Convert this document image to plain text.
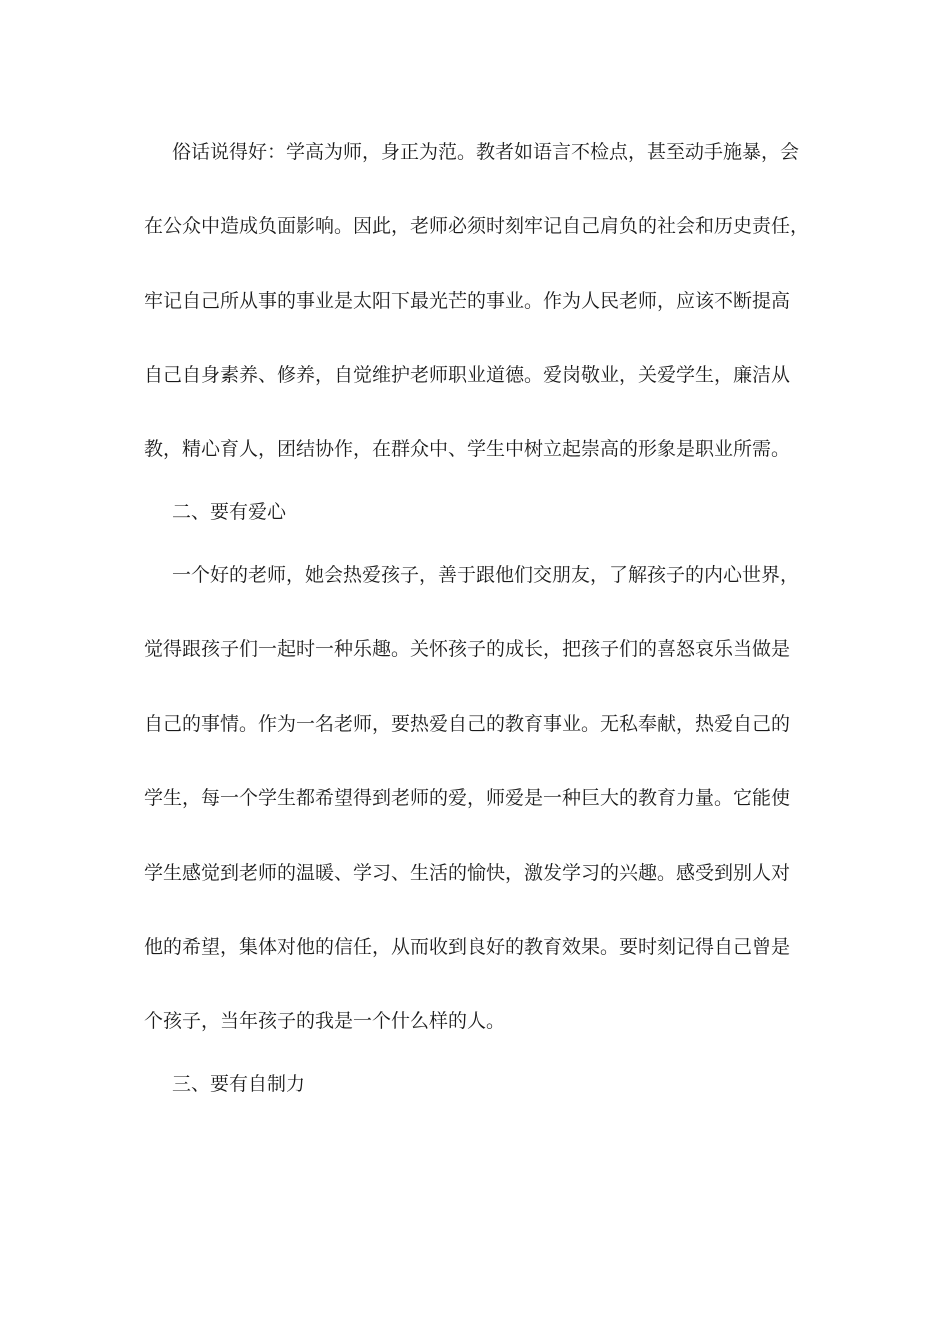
俗话说得好：学高为师，身正为范。教者如语言不检点，甚至动手施暴，会
在公众中造成负面影响。因此，老师必须时刻牢记自己肩负的社会和历史责任，
牢记自己所从事的事业是太阳下最光芒的事业。作为人民老师，应该不断提高
自己自身素养、修养，自觉维护老师职业道德。爱岗敬业，关爱学生，廉洁从
教，精心育人，团结协作，在群众中、学生中树立起崇高的形象是职业所需。
二、要有爱心
一个好的老师，她会热爱孩子，善于跟他们交朋友，了解孩子的内心世界，
觉得跟孩子们一起时一种乐趣。关怀孩子的成长，把孩子们的喜怒哀乐当做是
自己的事情。作为一名老师，要热爱自己的教育事业。无私奉献，热爱自己的
学生，每一个学生都希望得到老师的爱，师爱是一种巨大的教育力量。它能使
学生感觉到老师的温暖、学习、生活的愉快，激发学习的兴趣。感受到别人对
他的希望，集体对他的信任，从而收到良好的教育效果。要时刻记得自己曾是
个孩子，当年孩子的我是一个什么样的人。
三、要有自制力
